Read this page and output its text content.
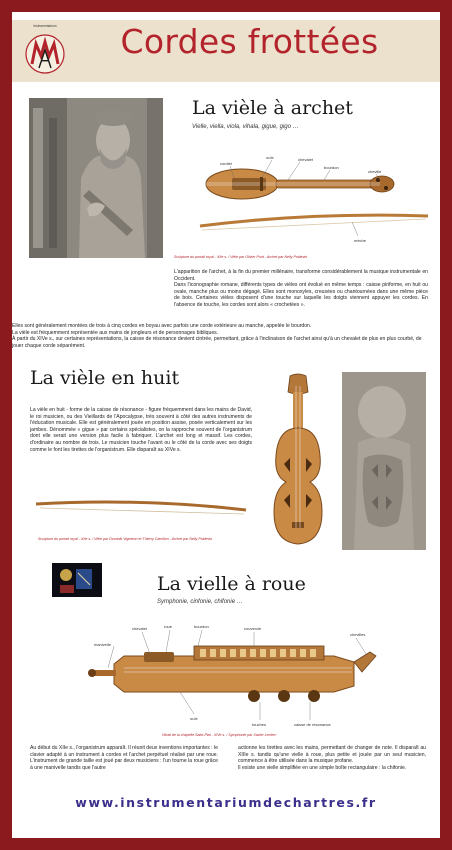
Instrumentarium	Cordes frottées
La vièle à archet
Vielle, viella, viola, vihala, gigue, gigo …
cordier
ouïe	chevalet
bourdon
cheville
mèche
Sculpture du portail royal - XIIe s. / Vièle par Olivier Pont - Archet par Nelly Poidevin

L'apparition de l'archet, à la fin du premier millénaire, transforme considérablement la musique instrumentale en Occident.

Dans l'iconographie romane, différents types de vièles ont évolué en même temps : caisse piriforme, en huit ou ovale, manche plus ou moins dégagé. Elles sont monoxyles, creusées ou chantournées dans une même pièce de bois. Certaines vièles disposent d'une touche sur laquelle les doigts viennent appuyer les cordes. En l'absence de touche, les cordes sont alors « crochetées ».

Elles sont généralement montées de trois à cinq cordes en boyau avec parfois une corde extérieure au manche, appelée le bourdon.

La vièle est fréquemment représentée aux mains de jongleurs et de personnages bibliques.

À partir du XIVe s., sur certaines représentations, la caisse de résonance devient cintrée, permettant, grâce à l'inclinaison de l'archet ainsi qu'à un chevalet de plus en plus courbé, de jouer chaque corde séparément.

La vièle en huit

La vièle en huit - forme de la caisse de résonance - figure fréquemment dans les mains de David, le roi musicien, ou des Vieillards de l'Apocalypse, très souvent à côté des autres instruments de l'éducation musicale. Elle est généralement jouée en position assise, posée verticalement sur les jambes. Dénommée « gigue » par certains spécialistes, on la rapproche souvent de l'organistrum dont elle serait une version plus facile à fabriquer. L'archet est long et massif. Les cordes, d'ordinaire au nombre de trois. Le musicien touche l'avant ou le côté de la corde avec ses doigts comme le font les tirettes de l'organistrum. Elle disparaît au XIVe s.

Sculpture du portail royal - XIIe s. / Vièle par Dominik Vigneron et Thierry Camillon - Archet par Nelly Poidevin
La vielle à roue
Symphonie, cinfonie, chifonie …
chevalet	roue	bourdon	couvercle
chevilles
manivelle
ouïe
touches	caisse de résonance
Vitrail de la chapelle Saint-Piat - XIVe s. / Symphonie par Xavier Leclerc

Au début du XIIe s., l'organistrum apparaît. Il réunit deux inventions importantes : le clavier adapté à un instrument à cordes et l'archet perpétuel réalisé par une roue. L'instrument de grande taille est joué par deux musiciens : l'un tourne la roue grâce à une manivelle tandis que l'autre

actionne les tirettes avec les mains, permettant de changer de note. Il disparaît au XIIIe s. tandis qu'une vielle à roue, plus petite et jouée par un seul musicien, commence à être utilisée dans la musique profane.

Il existe une vielle simplifiée en une simple boîte rectangulaire : la chifonie.

www.instrumentariumdechartres.fr
